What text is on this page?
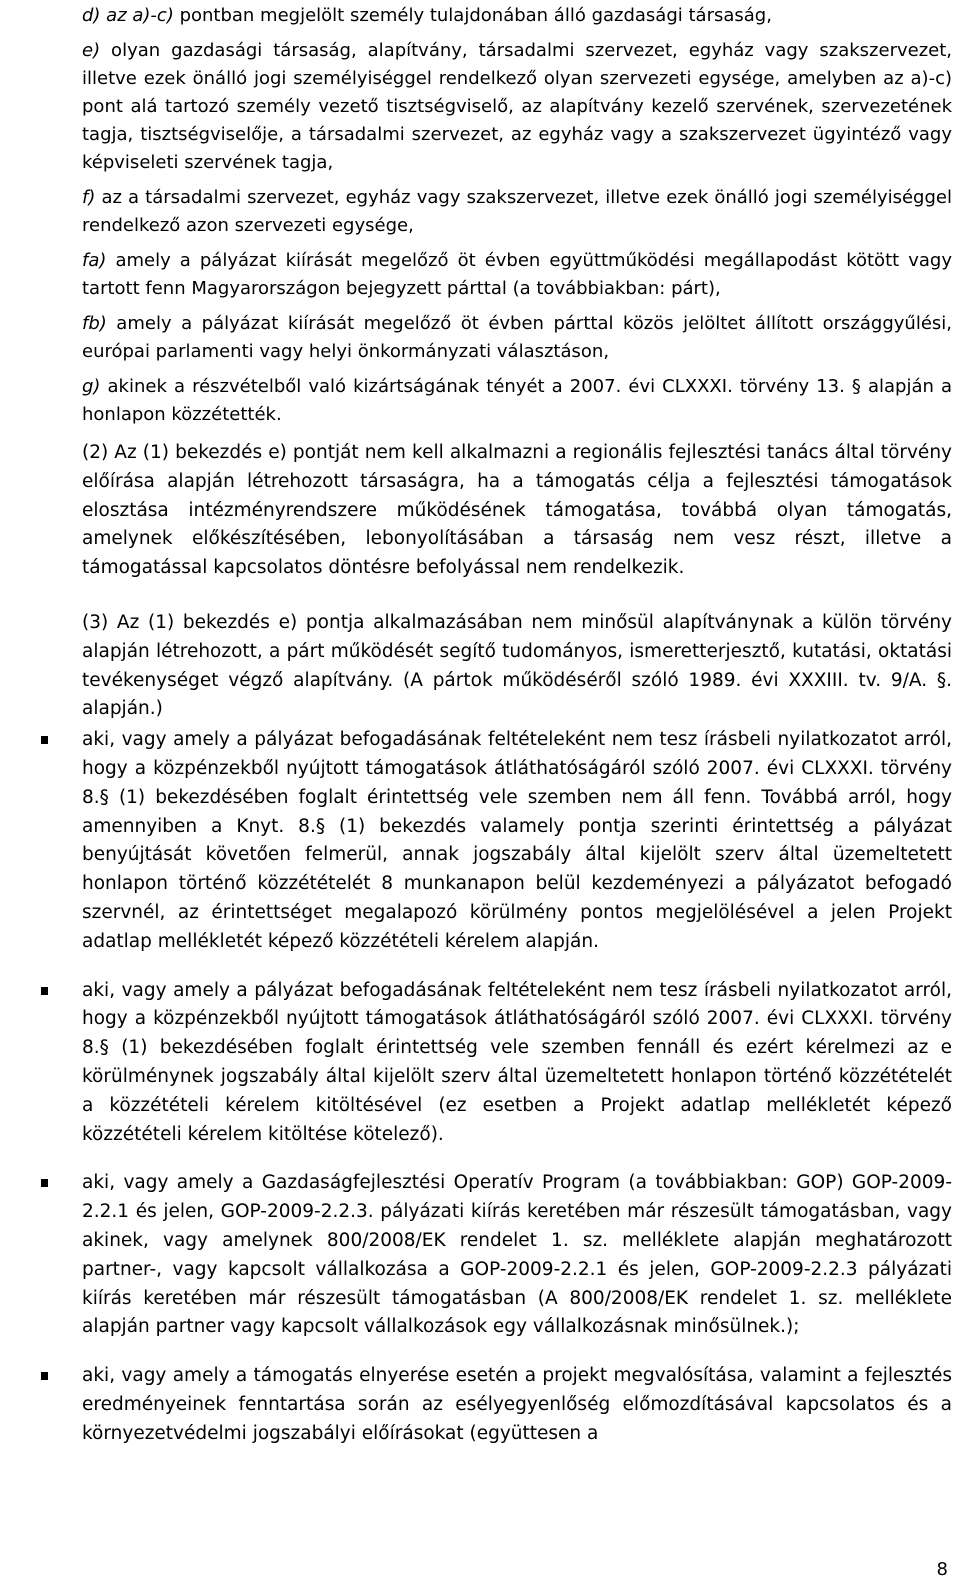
d) az a)-c) pontban megjelölt személy tulajdonában álló gazdasági társaság,

e) olyan gazdasági társaság, alapítvány, társadalmi szervezet, egyház vagy szakszervezet, illetve ezek önálló jogi személyiséggel rendelkező olyan szervezeti egysége, amelyben az a)-c) pont alá tartozó személy vezető tisztségviselő, az alapítvány kezelő szervének, szervezetének tagja, tisztségviselője, a társadalmi szervezet, az egyház vagy a szakszervezet ügyintéző vagy képviseleti szervének tagja,

f) az a társadalmi szervezet, egyház vagy szakszervezet, illetve ezek önálló jogi személyiséggel rendelkező azon szervezeti egysége,

fa) amely a pályázat kiírását megelőző öt évben együttműködési megállapodást kötött vagy tartott fenn Magyarországon bejegyzett párttal (a továbbiakban: párt),

fb) amely a pályázat kiírását megelőző öt évben párttal közös jelöltet állított országgyűlési, európai parlamenti vagy helyi önkormányzati választáson,

g) akinek a részvételből való kizártságának tényét a 2007. évi CLXXXI. törvény 13. § alapján a honlapon közzétették.

(2) Az (1) bekezdés e) pontját nem kell alkalmazni a regionális fejlesztési tanács által törvény előírása alapján létrehozott társaságra, ha a támogatás célja a fejlesztési támogatások elosztása intézményrendszere működésének támogatása, továbbá olyan támogatás, amelynek előkészítésében, lebonyolításában a társaság nem vesz részt, illetve a támogatással kapcsolatos döntésre befolyással nem rendelkezik.

(3) Az (1) bekezdés e) pontja alkalmazásában nem minősül alapítványnak a külön törvény alapján létrehozott, a párt működését segítő tudományos, ismeretterjesztő, kutatási, oktatási tevékenységet végző alapítvány. (A pártok működéséről szóló 1989. évi XXXIII. tv. 9/A. §. alapján.)

aki, vagy amely a pályázat befogadásának feltételeként nem tesz írásbeli nyilatkozatot arról, hogy a közpénzekből nyújtott támogatások átláthatóságáról szóló 2007. évi CLXXXI. törvény 8.§ (1) bekezdésében foglalt érintettség vele szemben nem áll fenn. Továbbá arról, hogy amennyiben a Knyt. 8.§ (1) bekezdés valamely pontja szerinti érintettség a pályázat benyújtását követően felmerül, annak jogszabály által kijelölt szerv által üzemeltetett honlapon történő közzétételét 8 munkanapon belül kezdeményezi a pályázatot befogadó szervnél, az érintettséget megalapozó körülmény pontos megjelölésével a jelen Projekt adatlap mellékletét képező közzétételi kérelem alapján.
aki, vagy amely a pályázat befogadásának feltételeként nem tesz írásbeli nyilatkozatot arról, hogy a közpénzekből nyújtott támogatások átláthatóságáról szóló 2007. évi CLXXXI. törvény 8.§ (1) bekezdésében foglalt érintettség vele szemben fennáll és ezért kérelmezi az e körülménynek jogszabály által kijelölt szerv által üzemeltetett honlapon történő közzétételét a közzétételi kérelem kitöltésével (ez esetben a Projekt adatlap mellékletét képező közzétételi kérelem kitöltése kötelező).
aki, vagy amely a Gazdaságfejlesztési Operatív Program (a továbbiakban: GOP) GOP-2009-2.2.1 és jelen, GOP-2009-2.2.3. pályázati kiírás keretében már részesült támogatásban, vagy akinek, vagy amelynek 800/2008/EK rendelet 1. sz. melléklete alapján meghatározott partner-, vagy kapcsolt vállalkozása a GOP-2009-2.2.1 és jelen, GOP-2009-2.2.3 pályázati kiírás keretében már részesült támogatásban (A 800/2008/EK rendelet 1. sz. melléklete alapján partner vagy kapcsolt vállalkozások egy vállalkozásnak minősülnek.);
aki, vagy amely a támogatás elnyerése esetén a projekt megvalósítása, valamint a fejlesztés eredményeinek fenntartása során az esélyegyenlőség előmozdításával kapcsolatos és a környezetvédelmi jogszabályi előírásokat (együttesen a
8
